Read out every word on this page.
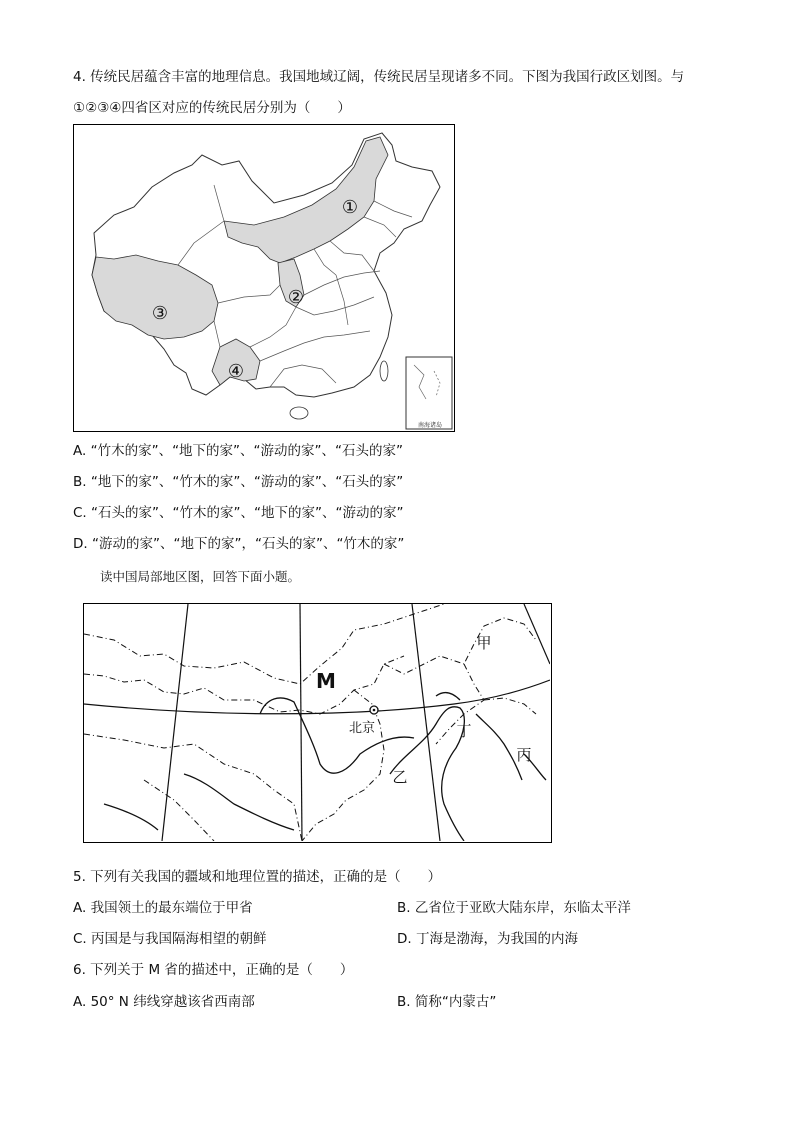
4. 传统民居蕴含丰富的地理信息。我国地域辽阔，传统民居呈现诸多不同。下图为我国行政区划图。与
①②③④四省区对应的传统民居分别为（　　）
南海诸岛
①
②
③
④
A. “竹木的家”、“地下的家”、“游动的家”、“石头的家”
B. “地下的家”、“竹木的家”、“游动的家”、“石头的家”
C. “石头的家”、“竹木的家”、“地下的家”、“游动的家”
D. “游动的家”、“地下的家”，“石头的家”、“竹木的家”
读中国局部地区图，回答下面小题。
甲
M
北京	丁
丙
乙
5. 下列有关我国的疆域和地理位置的描述，正确的是（　　）
A. 我国领土的最东端位于甲省	B. 乙省位于亚欧大陆东岸，东临太平洋
C. 丙国是与我国隔海相望的朝鲜	D. 丁海是渤海，为我国的内海
6. 下列关于 M 省的描述中，正确的是（　　）
A. 50° N 纬线穿越该省西南部	B. 简称“内蒙古”
